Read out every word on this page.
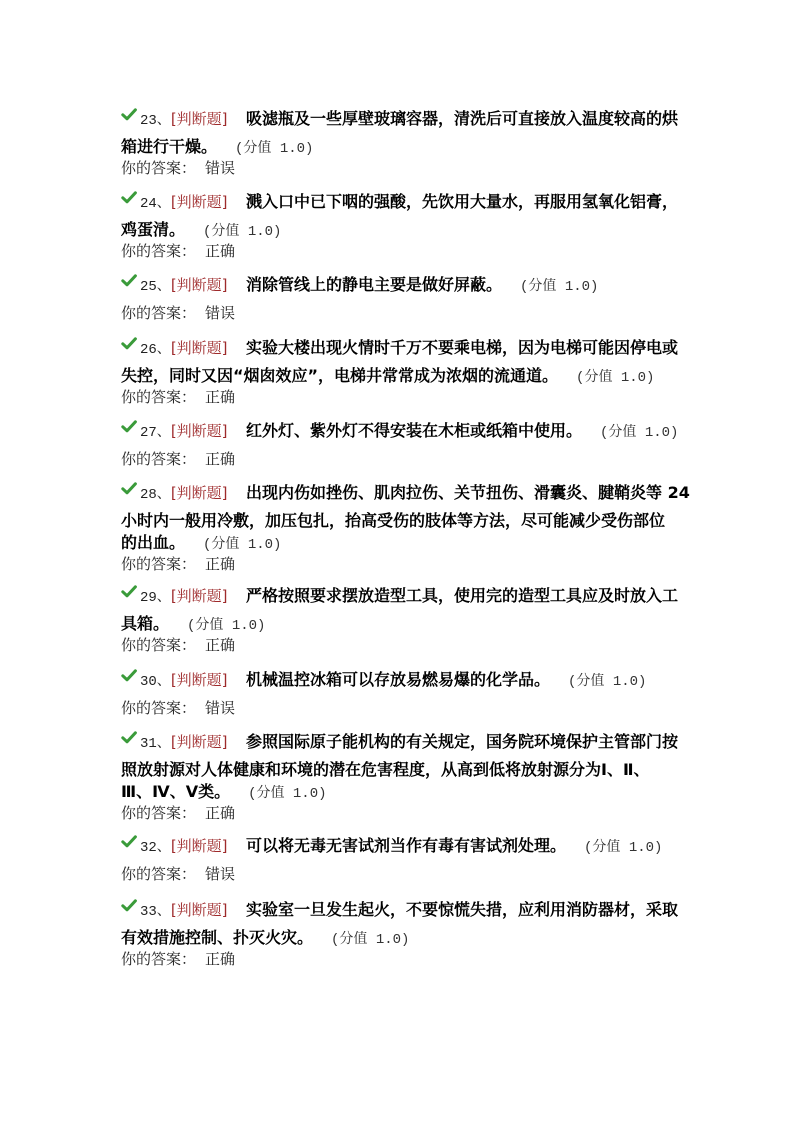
23、[判断题] 吸滤瓶及一些厚壁玻璃容器，清洗后可直接放入温度较高的烘
箱进行干燥。 (分值 1.0)
你的答案： 错误
24、[判断题] 溅入口中已下咽的强酸，先饮用大量水，再服用氢氧化铝膏，
鸡蛋清。 (分值 1.0)
你的答案： 正确
25、[判断题] 消除管线上的静电主要是做好屏蔽。 (分值 1.0)
你的答案： 错误
26、[判断题] 实验大楼出现火情时千万不要乘电梯，因为电梯可能因停电或
失控，同时又因“烟囱效应”，电梯井常常成为浓烟的流通道。 (分值 1.0)
你的答案： 正确
27、[判断题] 红外灯、紫外灯不得安装在木柜或纸箱中使用。 (分值 1.0)
你的答案： 正确
28、[判断题] 出现内伤如挫伤、肌肉拉伤、关节扭伤、滑囊炎、腱鞘炎等 24
小时内一般用冷敷，加压包扎，抬高受伤的肢体等方法，尽可能减少受伤部位
的出血。 (分值 1.0)
你的答案： 正确
29、[判断题] 严格按照要求摆放造型工具，使用完的造型工具应及时放入工
具箱。 (分值 1.0)
你的答案： 正确
30、[判断题] 机械温控冰箱可以存放易燃易爆的化学品。 (分值 1.0)
你的答案： 错误
31、[判断题] 参照国际原子能机构的有关规定，国务院环境保护主管部门按
照放射源对人体健康和环境的潜在危害程度，从高到低将放射源分为Ⅰ、Ⅱ、
Ⅲ、Ⅳ、Ⅴ类。 (分值 1.0)
你的答案： 正确
32、[判断题] 可以将无毒无害试剂当作有毒有害试剂处理。 (分值 1.0)
你的答案： 错误
33、[判断题] 实验室一旦发生起火，不要惊慌失措，应利用消防器材，采取
有效措施控制、扑灭火灾。 (分值 1.0)
你的答案： 正确
